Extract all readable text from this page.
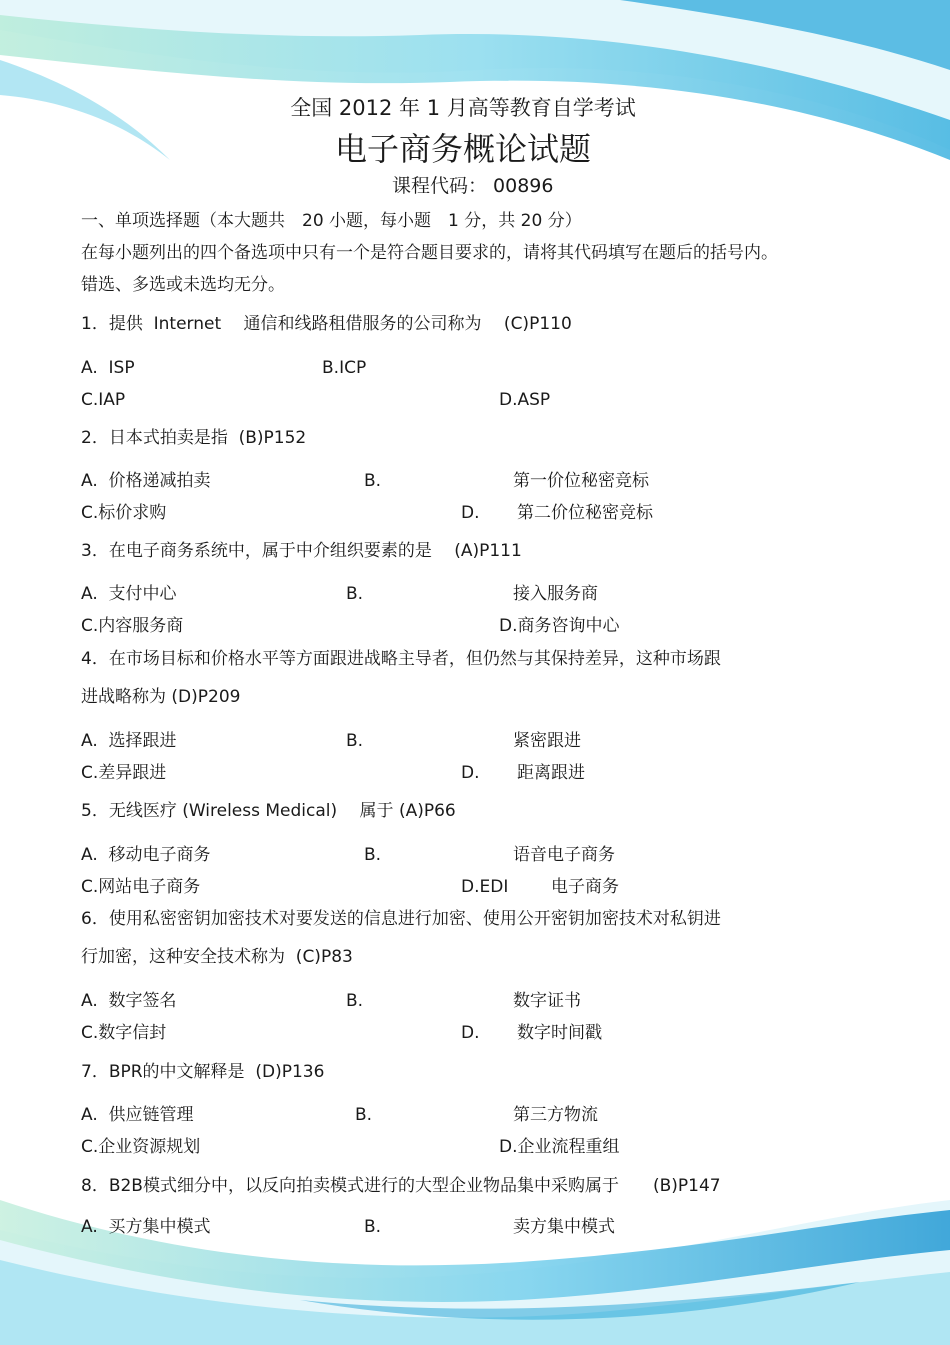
全国 2012 年 1 月高等教育自学考试
电子商务概论试题
课程代码： 00896
一、单项选择题（本大题共　20 小题，每小题　1 分，共 20 分）
在每小题列出的四个备选项中只有一个是符合题目要求的，请将其代码填写在题后的括号内。
错选、多选或未选均无分。
1．提供  Internet　 通信和线路租借服务的公司称为　 (C)P110
A.  ISP	B.ICP
C.IAP	D.ASP
2．日本式拍卖是指  (B)P152
A.  价格递减拍卖	B.	第一价位秘密竞标
C.标价求购	D. 第二价位秘密竞标
3．在电子商务系统中，属于中介组织要素的是　 (A)P111
A.  支付中心	B.	接入服务商
C.内容服务商	D.商务咨询中心
4．在市场目标和价格水平等方面跟进战略主导者，但仍然与其保持差异，这种市场跟
进战略称为 (D)P209
A.  选择跟进	B.	紧密跟进
C.差异跟进	D. 距离跟进
5．无线医疗 (Wireless Medical)　 属于 (A)P66
A.  移动电子商务	B.	语音电子商务
C.网站电子商务	D.EDI	电子商务
6．使用私密密钥加密技术对要发送的信息进行加密、使用公开密钥加密技术对私钥进
行加密，这种安全技术称为  (C)P83
A.  数字签名	B.	数字证书
C.数字信封	D. 数字时间戳
7．BPR的中文解释是  (D)P136
A.  供应链管理	B.	第三方物流
C.企业资源规划	D.企业流程重组
8．B2B模式细分中，以反向拍卖模式进行的大型企业物品集中采购属于　　(B)P147
A.  买方集中模式	B.	卖方集中模式
